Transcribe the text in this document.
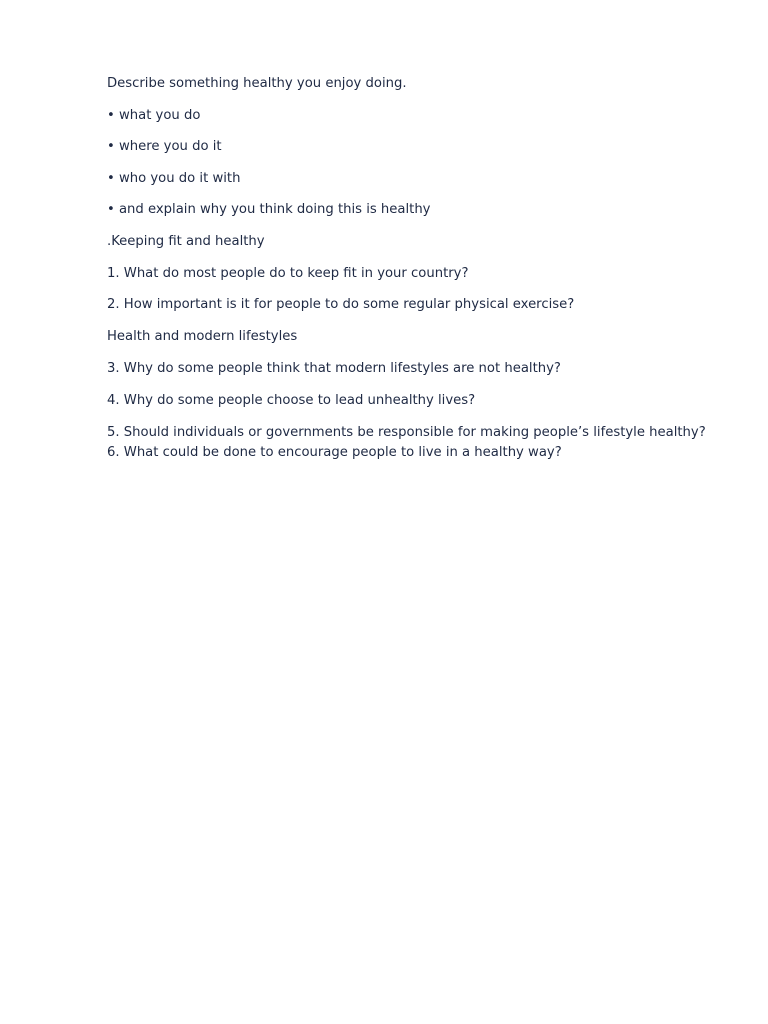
Describe something healthy you enjoy doing.

• what you do

• where you do it

• who you do it with

• and explain why you think doing this is healthy

.Keeping fit and healthy

1. What do most people do to keep fit in your country?

2. How important is it for people to do some regular physical exercise?

Health and modern lifestyles

3. Why do some people think that modern lifestyles are not healthy?

4. Why do some people choose to lead unhealthy lives?

5. Should individuals or governments be responsible for making people’s lifestyle healthy?

6. What could be done to encourage people to live in a healthy way?
